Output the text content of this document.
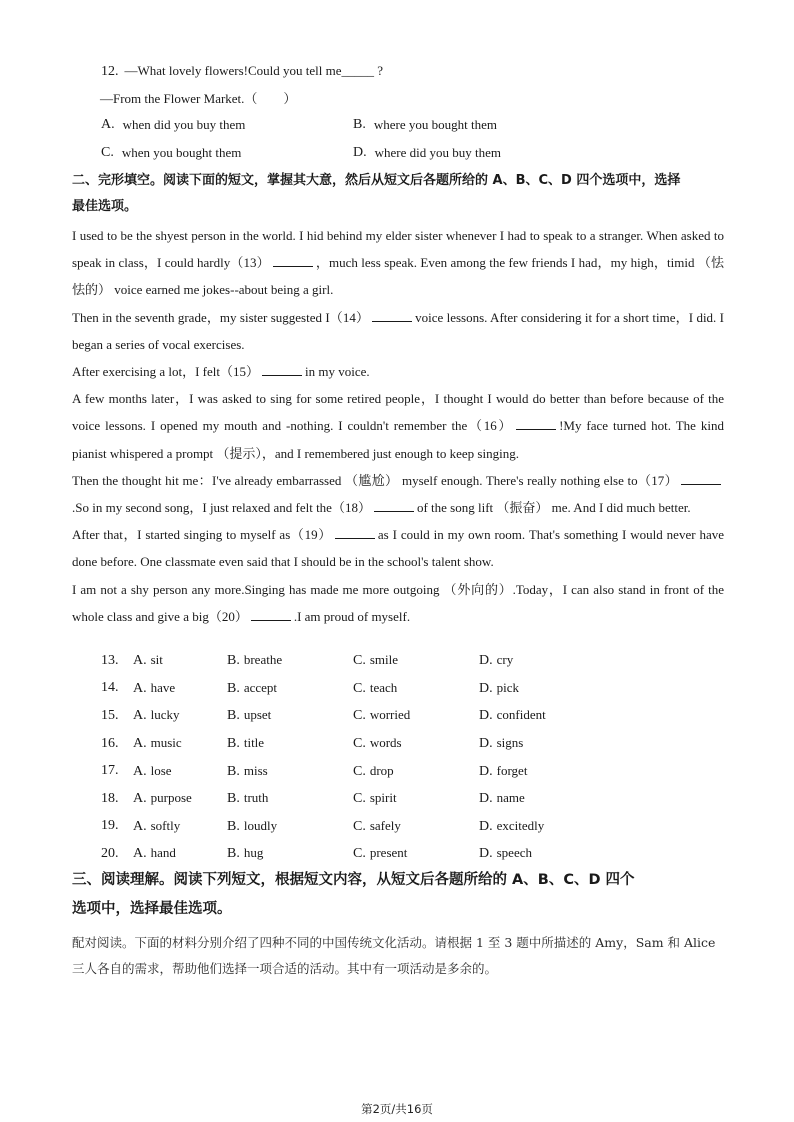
12. —What lovely flowers!Could you tell me_____ ?
—From the Flower Market.（　　）
A. when did you buy them	B. where you bought them
C. when you bought them	D. where did you buy them
二、完形填空。阅读下面的短文，掌握其大意，然后从短文后各题所给的 A、B、C、D 四个选项中，选择
最佳选项。

I used to be the shyest person in the world. I hid behind my elder sister whenever I had to speak to a stranger. When asked to speak in class，I could hardly（13）	，much less speak. Even among the few friends I had，my high，timid （怯怯的） voice earned me jokes--about being a girl.

Then in the seventh grade，my sister suggested I（14）	voice lessons. After considering it for a short time，I did. I began a series of vocal exercises.

After exercising a lot，I felt（15）	in my voice.

A few months later，I was asked to sing for some retired people，I thought I would do better than before because of the voice lessons. I opened my mouth and -nothing. I couldn't remember the（16）	!My face turned hot. The kind pianist whispered a prompt （提示），and I remembered just enough to keep singing.

Then the thought hit me：I've already embarrassed （尴尬） myself enough. There's really nothing else to（17）.So in my second song，I just relaxed and felt the（18）	of the song lift （振奋） me. And I did much better.

After that，I started singing to myself as（19）	as I could in my own room. That's something I would never have done before. One classmate even said that I should be in the school's talent show.

I am not a shy person any more.Singing has made me more outgoing （外向的）.Today，I can also stand in front of the whole class and give a big（20）	.I am proud of myself.

13.	A. sit	B. breathe	C. smile	D. cry
14.	A. have	B. accept	C. teach	D. pick
15.	A. lucky	B. upset	C. worried	D. confident
16.	A. music	B. title	C. words	D. signs
17.	A. lose	B. miss	C. drop	D. forget
18.	A. purpose	B. truth	C. spirit	D. name
19.	A. softly	B. loudly	C. safely	D. excitedly
20.	A. hand	B. hug	C. present	D. speech
三、阅读理解。阅读下列短文，根据短文内容，从短文后各题所给的 A、B、C、D 四个
选项中，选择最佳选项。
配对阅读。下面的材料分别介绍了四种不同的中国传统文化活动。请根据 1 至 3 题中所描述的 Amy，Sam 和 Alice 三人各自的需求，帮助他们选择一项合适的活动。其中有一项活动是多余的。
第2页/共16页
